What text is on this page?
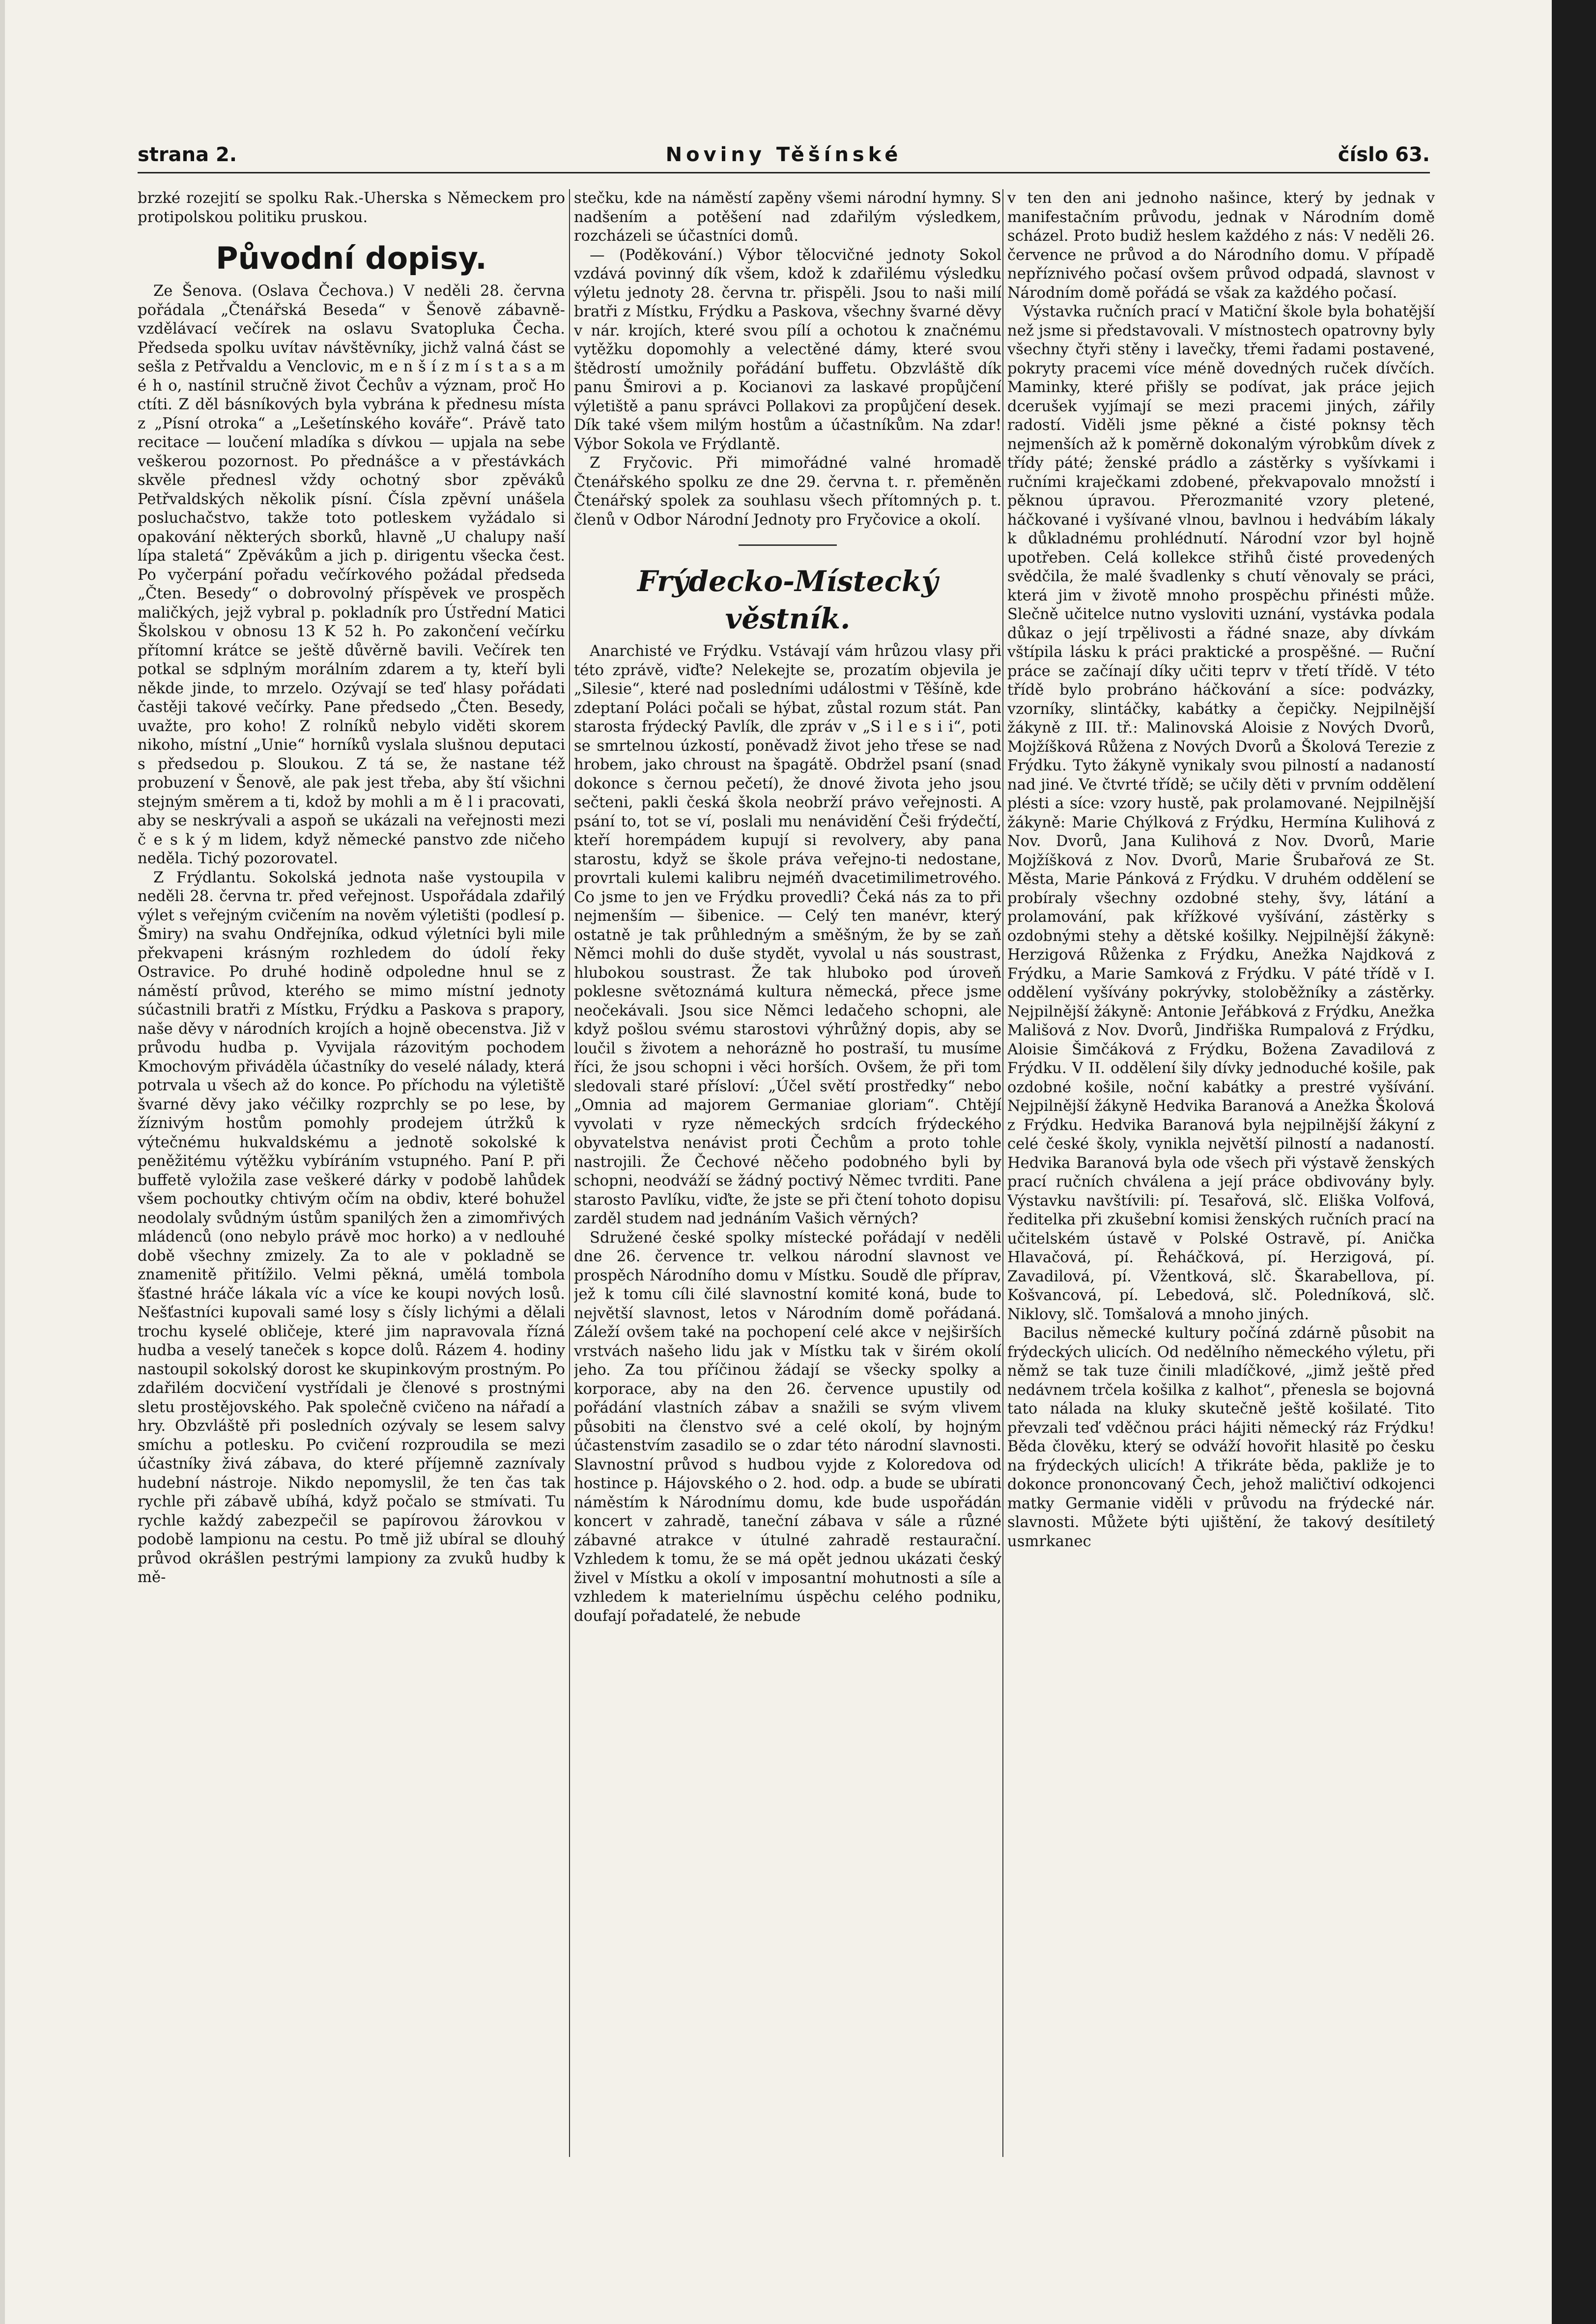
strana 2.	Noviny Těšínské	číslo 63.

brzké rozejití se spolku Rak.-Uherska s Německem pro protipolskou politiku pruskou.

Původní dopisy.

Ze Šenova. (Oslava Čechova.) V neděli 28. června pořádala „Čtenářská Beseda“ v Šenově zábavně-vzdělávací večírek na oslavu Svatopluka Čecha. Předseda spolku uvítav návštěvníky, jichž valná část se sešla z Petřvaldu a Venclovic, m e n š í z m í s t a s a m é h o, nastínil stručně život Čechův a význam, proč Ho ctíti. Z děl básníkových byla vybrána k přednesu místa z „Písní otroka“ a „Lešetínského kováře“. Právě tato recitace — loučení mladíka s dívkou — upjala na sebe veškerou pozornost. Po přednášce a v přestávkách skvěle přednesl vždy ochotný sbor zpěváků Petřvaldských několik písní. Čísla zpěvní unášela posluchačstvo, takže toto potleskem vyžádalo si opakování některých sborků, hlavně „U chalupy naší lípa staletá“ Zpěvákům a jich p. dirigentu všecka čest. Po vyčerpání pořadu večírkového požádal předseda „Čten. Besedy“ o dobrovolný příspěvek ve prospěch maličkých, jejž vybral p. pokladník pro Ústřední Matici Školskou v obnosu 13 K 52 h. Po zakončení večírku přítomní krátce se ještě důvěrně bavili. Večírek ten potkal se sdplným morálním zdarem a ty, kteří byli někde jinde, to mrzelo. Ozývají se teď hlasy pořádati častěji takové večírky. Pane předsedo „Čten. Besedy, uvažte, pro koho! Z rolníků nebylo viděti skorem nikoho, místní „Unie“ horníků vyslala slušnou deputaci s předsedou p. Sloukou. Z tá se, že nastane též probuzení v Šenově, ale pak jest třeba, aby ští všichni stejným směrem a ti, kdož by mohli a m ě l i pracovati, aby se neskrývali a aspoň se ukázali na veřejnosti mezi č e s k ý m lidem, když německé panstvo zde ničeho neděla. Tichý pozorovatel.

Z Frýdlantu. Sokolská jednota naše vystoupila v neděli 28. června tr. před veřejnost. Uspořádala zdařilý výlet s veřejným cvičením na nověm výletišti (podlesí p. Šmiry) na svahu Ondřejníka, odkud výletníci byli mile překvapeni krásným rozhledem do údolí řeky Ostravice. Po druhé hodině odpoledne hnul se z náměstí průvod, kterého se mimo místní jednoty súčastnili bratři z Místku, Frýdku a Paskova s prapory, naše děvy v národních krojích a hojně obecenstva. Již v průvodu hudba p. Vyvijala rázovitým pochodem Kmochovým přiváděla účastníky do veselé nálady, která potrvala u všech až do konce. Po příchodu na výletiště švarné děvy jako véčilky rozprchly se po lese, by žíznivým hostům pomohly prodejem útržků k výtečnému hukvaldskému a jednotě sokolské k peněžitému výtěžku vybíráním vstupného. Paní P. při buffetě vyložila zase veškeré dárky v podobě lahůdek všem pochoutky chtivým očím na obdiv, které bohužel neodolaly svůdným ústům spanilých žen a zimomřivých mládenců (ono nebylo právě moc horko) a v nedlouhé době všechny zmizely. Za to ale v pokladně se znamenitě přitížilo. Velmi pěkná, umělá tombola šťastné hráče lákala víc a více ke koupi nových losů. Nešťastníci kupovali samé losy s čísly lichými a dělali trochu kyselé obličeje, které jim napravovala řízná hudba a veselý taneček s kopce dolů. Rázem 4. hodiny nastoupil sokolský dorost ke skupinkovým prostným. Po zdařilém docvičení vystřídali je členové s prostnými sletu prostějovského. Pak společně cvičeno na nářadí a hry. Obzvláště při posledních ozývaly se lesem salvy smíchu a potlesku. Po cvičení rozproudila se mezi účastníky živá zábava, do které příjemně zaznívaly hudební nástroje. Nikdo nepomyslil, že ten čas tak rychle při zábavě ubíhá, když počalo se stmívati. Tu rychle každý zabezpečil se papírovou žárovkou v podobě lampionu na cestu. Po tmě již ubíral se dlouhý průvod okrášlen pestrými lampiony za zvuků hudby k mě-

stečku, kde na náměstí zapěny všemi národní hymny. S nadšením a potěšení nad zdařilým výsledkem, rozcházeli se účastníci domů.

— (Poděkování.) Výbor tělocvičné jednoty Sokol vzdává povinný dík všem, kdož k zdařilému výsledku výletu jednoty 28. června tr. přispěli. Jsou to naši milí bratři z Místku, Frýdku a Paskova, všechny švarné děvy v nár. krojích, které svou pílí a ochotou k značnému vytěžku dopomohly a velectěné dámy, které svou štědrostí umožnily pořádání buffetu. Obzvláště dík panu Šmirovi a p. Kocianovi za laskavé propůjčení výletiště a panu správci Pollakovi za propůjčení desek. Dík také všem milým hostům a účastníkům. Na zdar! Výbor Sokola ve Frýdlantě.

Z Fryčovic. Při mimořádné valné hromadě Čtenářského spolku ze dne 29. června t. r. přeměněn Čtenářský spolek za souhlasu všech přítomných p. t. členů v Odbor Národní Jednoty pro Fryčovice a okolí.

Frýdecko-Místecký věstník.

Anarchisté ve Frýdku. Vstávají vám hrůzou vlasy při této zprávě, viďte? Nelekejte se, prozatím objevila je „Silesie“, které nad posledními událostmi v Těšíně, kde zdeptaní Poláci počali se hýbat, zůstal rozum stát. Pan starosta frýdecký Pavlík, dle zpráv v „S i l e s i i“, poti se smrtelnou úzkostí, poněvadž život jeho třese se nad hrobem, jako chroust na špagátě. Obdržel psaní (snad dokonce s černou pečetí), že dnové života jeho jsou sečteni, pakli česká škola neobrží právo veřejnosti. A psání to, tot se ví, poslali mu nenávidění Češi frýdečtí, kteří horempádem kupují si revolvery, aby pana starostu, když se škole práva veřejno-ti nedostane, provrtali kulemi kalibru nejméň dvacetimilimetrového. Co jsme to jen ve Frýdku provedli? Čeká nás za to při nejmenším — šibenice. — Celý ten manévr, který ostatně je tak průhledným a směšným, že by se zaň Němci mohli do duše stydět, vyvolal u nás soustrast, hlubokou soustrast. Že tak hluboko pod úroveň poklesne světoznámá kultura německá, přece jsme neočekávali. Jsou sice Němci ledačeho schopni, ale když pošlou svému starostovi výhrůžný dopis, aby se loučil s životem a nehorázně ho postraší, tu musíme říci, že jsou schopni i věci horších. Ovšem, že při tom sledovali staré přísloví: „Účel světí prostředky“ nebo „Omnia ad majorem Germaniae gloriam“. Chtějí vyvolati v ryze německých srdcích frýdeckého obyvatelstva nenávist proti Čechům a proto tohle nastrojili. Že Čechové něčeho podobného byli by schopni, neodváží se žádný poctivý Němec tvrditi. Pane starosto Pavlíku, viďte, že jste se při čtení tohoto dopisu zarděl studem nad jednáním Vašich věrných?

Sdružené české spolky místecké pořádají v neděli dne 26. července tr. velkou národní slavnost ve prospěch Národního domu v Místku. Soudě dle příprav, jež k tomu cíli čilé slavnostní komité koná, bude to největší slavnost, letos v Národním domě pořádaná. Záleží ovšem také na pochopení celé akce v nejširších vrstvách našeho lidu jak v Místku tak v širém okolí jeho. Za tou příčinou žádají se všecky spolky a korporace, aby na den 26. července upustily od pořádání vlastních zábav a snažili se svým vlivem působiti na členstvo své a celé okolí, by hojným účastenstvím zasadilo se o zdar této národní slavnosti. Slavnostní průvod s hudbou vyjde z Koloredova od hostince p. Hájovského o 2. hod. odp. a bude se ubírati náměstím k Národnímu domu, kde bude uspořádán koncert v zahradě, taneční zábava v sále a různé zábavné atrakce v útulné zahradě restaurační. Vzhledem k tomu, že se má opět jednou ukázati český živel v Místku a okolí v imposantní mohutnosti a síle a vzhledem k materielnímu úspěchu celého podniku, doufají pořadatelé, že nebude

v ten den ani jednoho našince, který by jednak v manifestačním průvodu, jednak v Národním domě scházel. Proto budiž heslem každého z nás: V neděli 26. července ne průvod a do Národního domu. V případě nepříznivého počasí ovšem průvod odpadá, slavnost v Národním domě pořádá se však za každého počasí.

Výstavka ručních prací v Matiční škole byla bohatější než jsme si představovali. V místnostech opatrovny byly všechny čtyři stěny i lavečky, třemi řadami postavené, pokryty pracemi více méně dovedných ruček dívčích. Maminky, které přišly se podívat, jak práce jejich dcerušek vyjímají se mezi pracemi jiných, zářily radostí. Viděli jsme pěkné a čisté poknsy těch nejmenších až k poměrně dokonalým výrobkům dívek z třídy páté; ženské prádlo a zástěrky s vyšívkami i ručními kraječkami zdobené, překvapovalo množstí i pěknou úpravou. Přerozmanité vzory pletené, háčkované i vyšívané vlnou, bavlnou i hedvábím lákaly k důkladnému prohlédnutí. Národní vzor byl hojně upotřeben. Celá kollekce střihů čisté provedených svědčila, že malé švadlenky s chutí věnovaly se práci, která jim v životě mnoho prospěchu přinésti může. Slečně učitelce nutno vysloviti uznání, vystávka podala důkaz o její trpělivosti a řádné snaze, aby dívkám vštípila lásku k práci praktické a prospěšné. — Ruční práce se začínají díky učiti teprv v třetí třídě. V této třídě bylo probráno háčkování a síce: podvázky, vzorníky, slintáčky, kabátky a čepičky. Nejpilnější žákyně z III. tř.: Malinovská Aloisie z Nových Dvorů, Mojžíšková Růžena z Nových Dvorů a Školová Terezie z Frýdku. Tyto žákyně vynikaly svou pilností a nadaností nad jiné. Ve čtvrté třídě; se učily děti v prvním oddělení plésti a síce: vzory hustě, pak prolamované. Nejpilnější žákyně: Marie Chýlková z Frýdku, Hermína Kulihová z Nov. Dvorů, Jana Kulihová z Nov. Dvorů, Marie Mojžíšková z Nov. Dvorů, Marie Šrubařová ze St. Města, Marie Pánková z Frýdku. V druhém oddělení se probíraly všechny ozdobné stehy, švy, látání a prolamování, pak křížkové vyšívání, zástěrky s ozdobnými stehy a dětské košilky. Nejpilnější žákyně: Herzigová Růženka z Frýdku, Anežka Najdková z Frýdku, a Marie Samková z Frýdku. V páté třídě v I. oddělení vyšívány pokrývky, stoloběžníky a zástěrky. Nejpilnější žákyně: Antonie Jeřábková z Frýdku, Anežka Mališová z Nov. Dvorů, Jindřiška Rumpalová z Frýdku, Aloisie Šimčáková z Frýdku, Božena Zavadilová z Frýdku. V II. oddělení šily dívky jednoduché košile, pak ozdobné košile, noční kabátky a prestré vyšívání. Nejpilnější žákyně Hedvika Baranová a Anežka Školová z Frýdku. Hedvika Baranová byla nejpilnější žákyní z celé české školy, vynikla největší pilností a nadaností. Hedvika Baranová byla ode všech při výstavě ženských prací ručních chválena a její práce obdivovány byly. Výstavku navštívili: pí. Tesařová, slč. Eliška Volfová, ředitelka při zkušební komisi ženských ručních prací na učitelském ústavě v Polské Ostravě, pí. Anička Hlavačová, pí. Řeháčková, pí. Herzigová, pí. Zavadilová, pí. Vžentková, slč. Škarabellova, pí. Košvancová, pí. Lebedová, slč. Poledníková, slč. Niklovy, slč. Tomšalová a mnoho jiných.

Bacilus německé kultury počíná zdárně působit na frýdeckých ulicích. Od nedělního německého výletu, při němž se tak tuze činili mladíčkové, „jimž ještě před nedávnem trčela košilka z kalhot“, přenesla se bojovná tato nálada na kluky skutečně ještě košilaté. Tito převzali teď vděčnou práci hájiti německý ráz Frýdku! Běda člověku, který se odváží hovořit hlasitě po česku na frýdeckých ulicích! A třikráte běda, pakliže je to dokonce prononcovaný Čech, jehož maličtiví odkojenci matky Germanie viděli v průvodu na frýdecké nár. slavnosti. Můžete býti ujištění, že takový desítiletý usmrkanec
